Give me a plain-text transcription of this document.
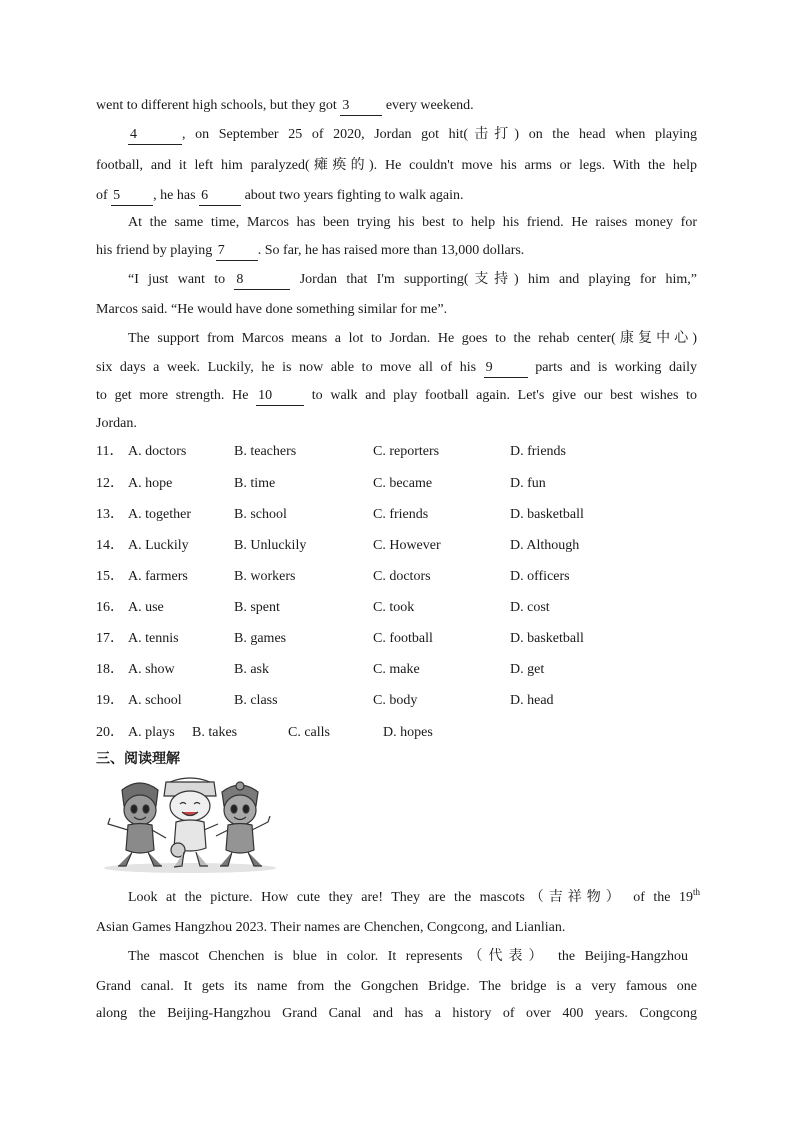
went to different high schools, but they got 3 every weekend.
4	, on September 25 of 2020, Jordan got hit(击打) on the head when playing
football, and it left him paralyzed(瘫痪的). He couldn't move his arms or legs. With the help
of 5 , he has 6 about two years fighting to walk again.
At the same time, Marcos has been trying his best to help his friend. He raises money for
his friend by playing 7 . So far, he has raised more than 13,000 dollars.
“I just want to 8	Jordan that I'm supporting(支持) him and playing for him,”
Marcos said. “He would have done something similar for me”.
The support from Marcos means a lot to Jordan. He goes to the rehab center(康复中心)
six days a week. Luckily, he is now able to move all of his 9	parts and is working daily
to get more strength. He 10 to walk and play football again. Let's give our best wishes to
Jordan.
11． A. doctors	B. teachers	C. reporters	D. friends
12． A. hope	B. time	C. became	D. fun
13． A. together	B. school	C. friends	D. basketball
14． A. Luckily	B. Unluckily	C. However	D. Although
15． A. farmers	B. workers	C. doctors	D. officers
16． A. use	B. spent	C. took	D. cost
17． A. tennis	B. games	C. football	D. basketball
18． A. show	B. ask	C. make	D. get
19． A. school	B. class	C. body	D. head
20． A. plays B. takes	C. calls	D. hopes
三、阅读理解
Look at the picture. How cute they are! They are the mascots（吉祥物） of the 19th
Asian Games Hangzhou 2023. Their names are Chenchen, Congcong, and Lianlian.
The mascot Chenchen is blue in color. It represents（代表） the Beijing-Hangzhou
Grand canal. It gets its name from the Gongchen Bridge. The bridge is a very famous one
along the Beijing-Hangzhou Grand Canal and has a history of over 400 years. Congcong
